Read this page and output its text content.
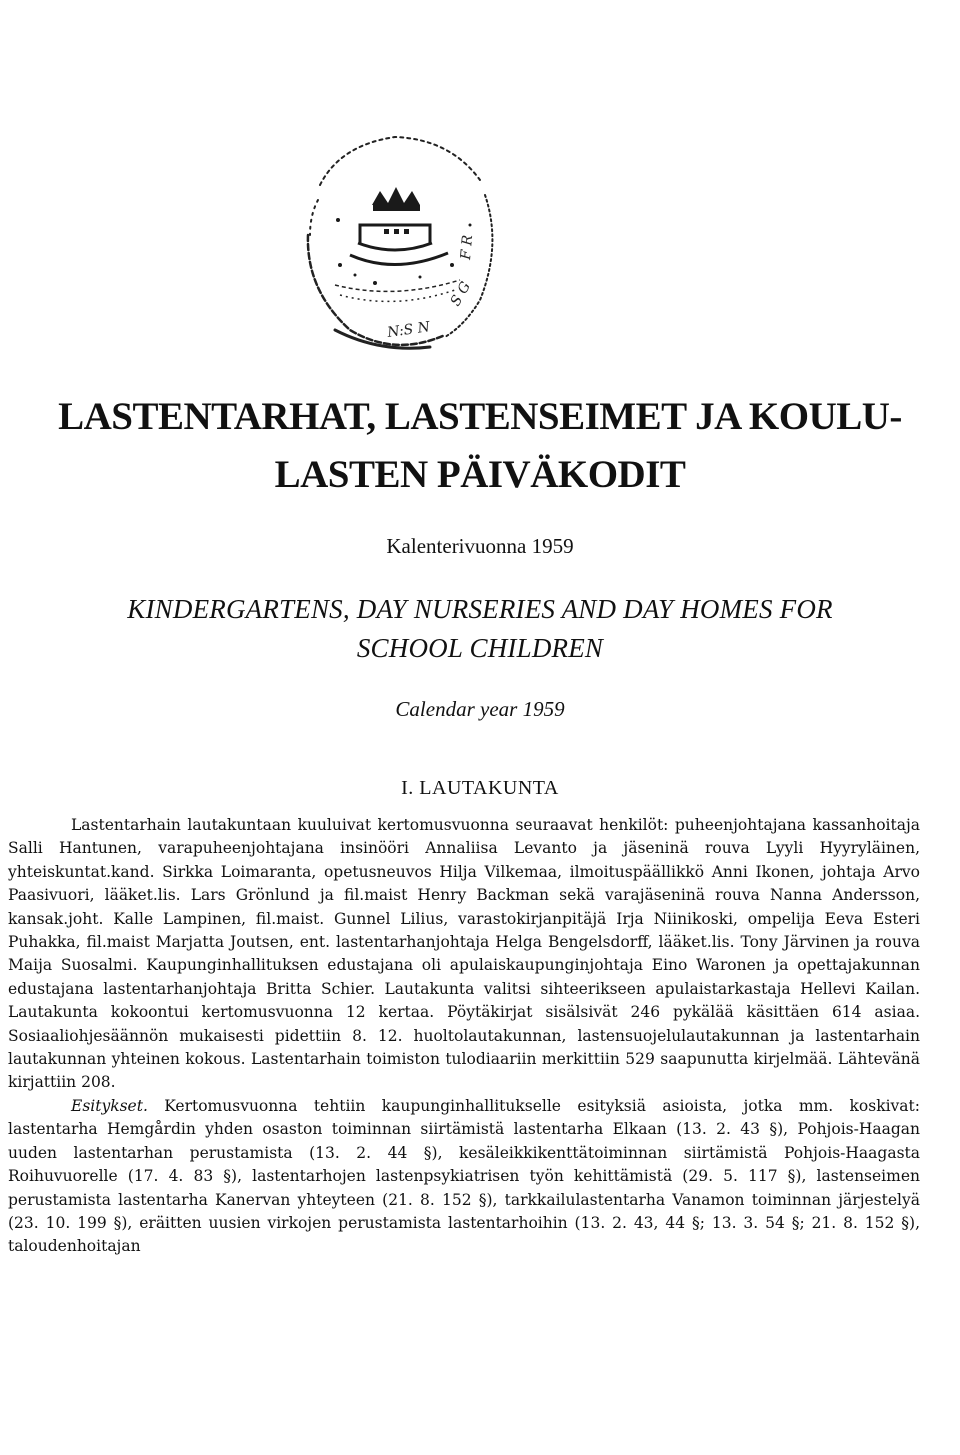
N:S N
S G
F R
LASTENTARHAT, LASTENSEIMET JA KOULU-
LASTEN PÄIVÄKODIT
Kalenterivuonna 1959
KINDERGARTENS, DAY NURSERIES AND DAY HOMES FOR
SCHOOL CHILDREN
Calendar year 1959
I. LAUTAKUNTA

Lastentarhain lautakuntaan kuuluivat kertomusvuonna seuraavat henkilöt: puheenjohtajana kassanhoitaja Salli Hantunen, varapuheenjohtajana insinööri Annaliisa Levanto ja jäseninä rouva Lyyli Hyyryläinen, yhteiskuntat.kand. Sirkka Loimaranta, opetusneuvos Hilja Vilkemaa, ilmoituspäällikkö Anni Ikonen, johtaja Arvo Paasivuori, lääket.lis. Lars Grönlund ja fil.maist Henry Backman sekä varajäseninä rouva Nanna Andersson, kansak.joht. Kalle Lampinen, fil.maist. Gunnel Lilius, varastokirjanpitäjä Irja Niinikoski, ompelija Eeva Esteri Puhakka, fil.maist Marjatta Joutsen, ent. lastentarhanjohtaja Helga Bengelsdorff, lääket.lis. Tony Järvinen ja rouva Maija Suosalmi. Kaupunginhallituksen edustajana oli apulaiskaupunginjohtaja Eino Waronen ja opettajakunnan edustajana lastentarhanjohtaja Britta Schier. Lautakunta valitsi sihteerikseen apulaistarkastaja Hellevi Kailan. Lautakunta kokoontui kertomusvuonna 12 kertaa. Pöytäkirjat sisälsivät 246 pykälää käsittäen 614 asiaa. Sosiaaliohjesäännön mukaisesti pidettiin 8. 12. huoltolautakunnan, lastensuojelulautakunnan ja lastentarhain lautakunnan yhteinen kokous. Lastentarhain toimiston tulodiaariin merkittiin 529 saapunutta kirjelmää. Lähtevänä kirjattiin 208.

Esitykset. Kertomusvuonna tehtiin kaupunginhallitukselle esityksiä asioista, jotka mm. koskivat: lastentarha Hemgårdin yhden osaston toiminnan siirtämistä lastentarha Elkaan (13. 2. 43 §), Pohjois-Haagan uuden lastentarhan perustamista (13. 2. 44 §), kesäleikkikenttätoiminnan siirtämistä Pohjois-Haagasta Roihuvuorelle (17. 4. 83 §), lastentarhojen lastenpsykiatrisen työn kehittämistä (29. 5. 117 §), lastenseimen perustamista lastentarha Kanervan yhteyteen (21. 8. 152 §), tarkkailulastentarha Vanamon toiminnan järjestelyä (23. 10. 199 §), eräitten uusien virkojen perustamista lastentarhoihin (13. 2. 43, 44 §; 13. 3. 54 §; 21. 8. 152 §), taloudenhoitajan
